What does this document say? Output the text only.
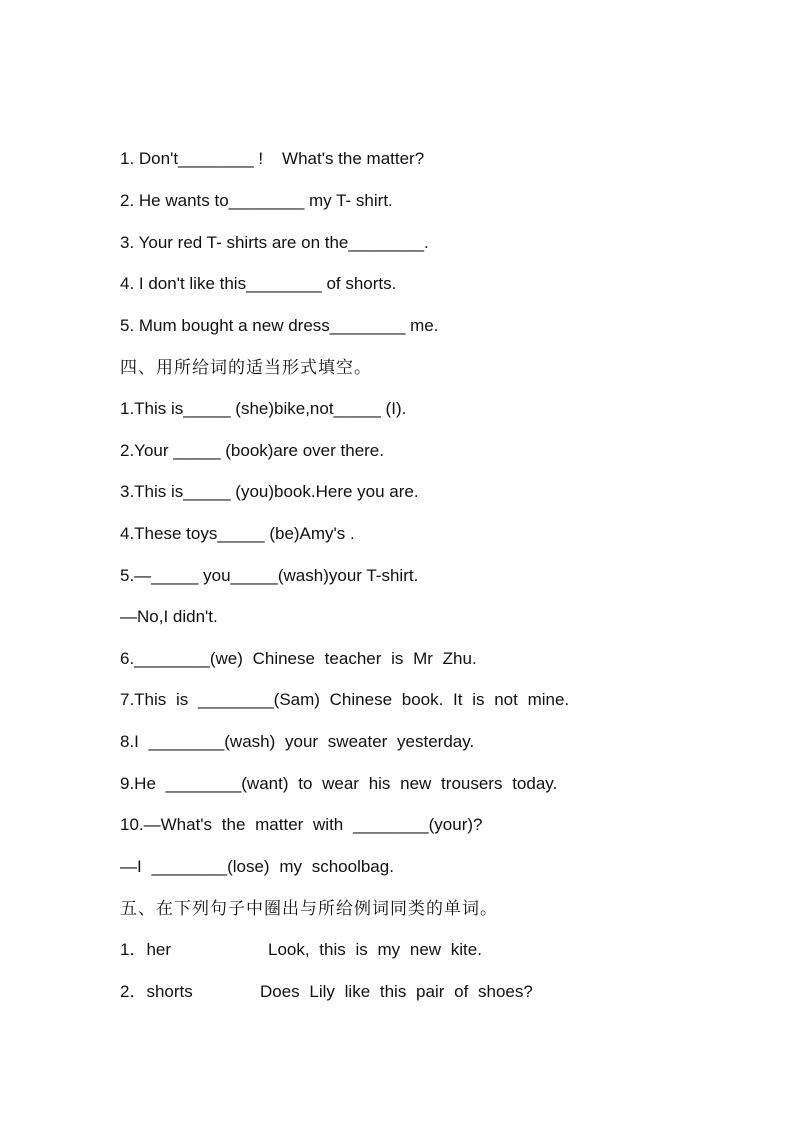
1. Don't________ !    What's the matter?
2. He wants to________ my T- shirt.
3. Your red T- shirts are on the________.
4. I don't like this________ of shorts.
5. Mum bought a new dress________ me.
四、用所给词的适当形式填空。
1.This is_____ (she)bike,not_____ (I).
2.Your _____ (book)are over there.
3.This is_____ (you)book.Here you are.
4.These toys_____ (be)Amy's .
5.—_____ you_____(wash)your T-shirt.
—No,I didn't.
6.________(we) Chinese teacher is Mr Zhu.
7.This is ________(Sam) Chinese book. It is not mine.
8.I ________(wash) your sweater yesterday.
9.He ________(want) to wear his new trousers today.
10.—What's the matter with ________(your)?
—I ________(lose) my schoolbag.
五、在下列句子中圈出与所给例词同类的单词。
1．her	Look, this is my new kite.
2．shorts	Does Lily like this pair of shoes?
